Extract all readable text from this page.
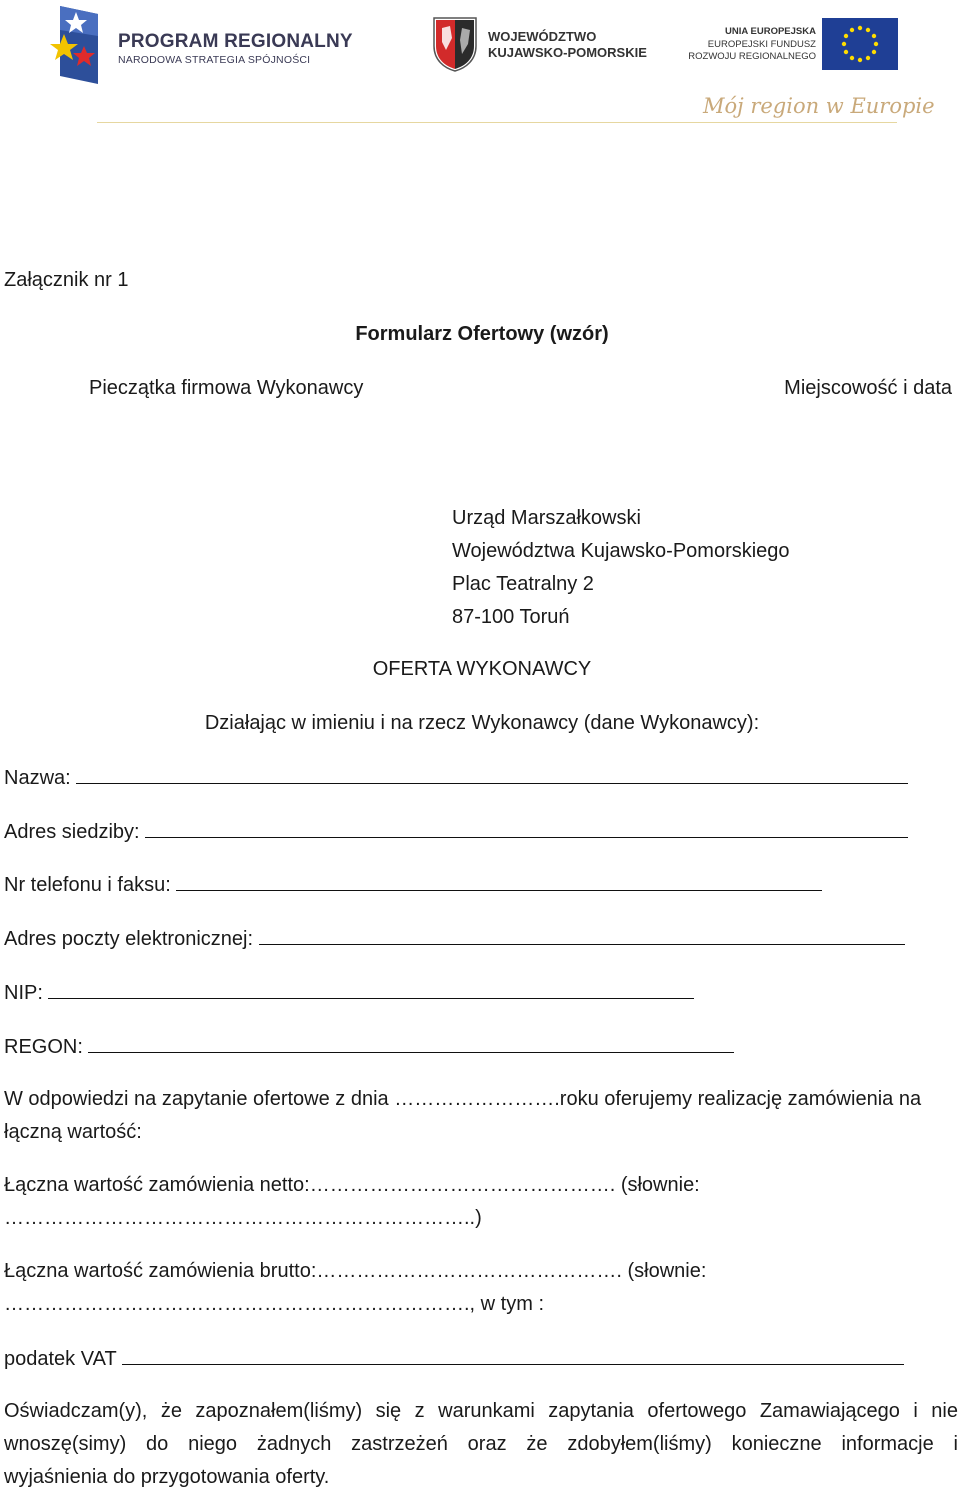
PROGRAM REGIONALNY
NARODOWA STRATEGIA SPÓJNOŚCI
WOJEWÓDZTWO
KUJAWSKO-POMORSKIE
UNIA EUROPEJSKA
EUROPEJSKI FUNDUSZ
ROZWOJU REGIONALNEGO
Mój region w Europie
Załącznik nr 1
Formularz Ofertowy (wzór)
Pieczątka firmowa Wykonawcy	Miejscowość i data
Urząd Marszałkowski
Województwa Kujawsko-Pomorskiego
Plac Teatralny 2
87-100 Toruń
OFERTA WYKONAWCY
Działając w imieniu i na rzecz Wykonawcy (dane Wykonawcy):
Nazwa:
Adres siedziby:
Nr telefonu i faksu:
Adres poczty elektronicznej:
NIP:
REGON:
W odpowiedzi na zapytanie ofertowe z dnia …………………….roku oferujemy realizację zamówienia na
łączną wartość:
Łączna wartość zamówienia netto:………………………………………. (słownie:
……………………………………………………………..)
Łączna wartość zamówienia brutto:………………………………………. (słownie:
……………………………………………………………., w tym :
podatek VAT
Oświadczam(y), że zapoznałem(liśmy) się z warunkami zapytania ofertowego Zamawiającego i nie
wnoszę(simy) do niego żadnych zastrzeżeń oraz że zdobyłem(liśmy) konieczne informacje i
wyjaśnienia do przygotowania oferty.
